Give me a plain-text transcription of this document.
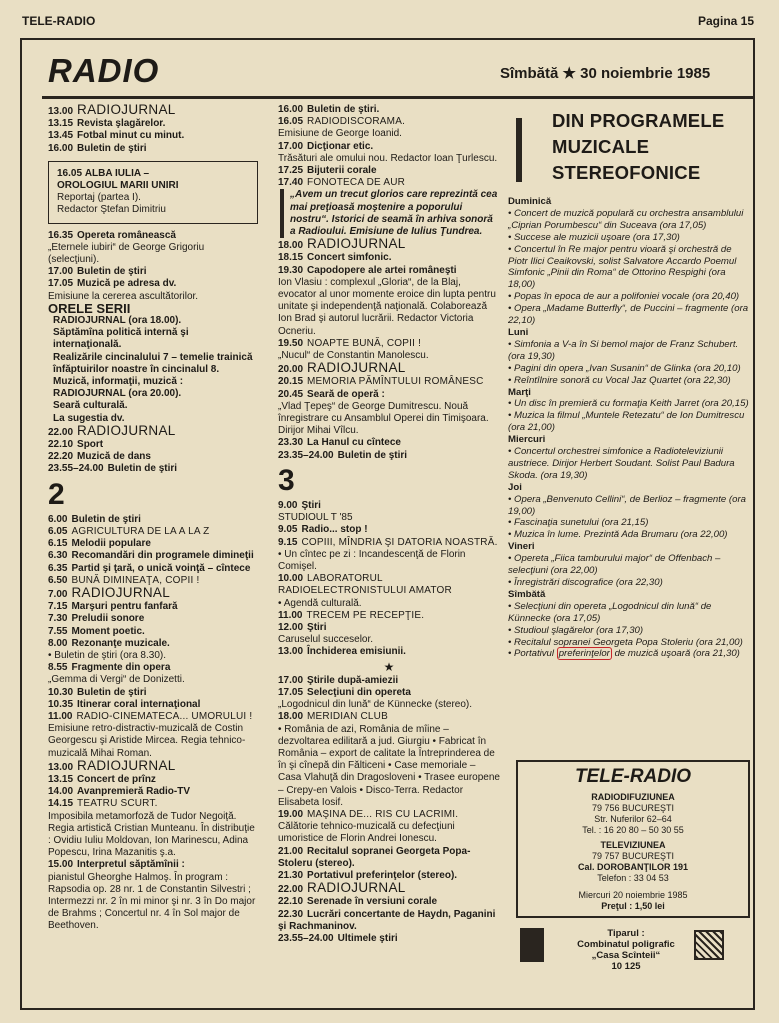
TELE-RADIO	Pagina 15
RADIO	Sîmbătă ★ 30 noiembrie 1985
13.00 RADIOJURNAL
13.15 Revista şlagărelor.
13.45 Fotbal minut cu minut.
16.00 Buletin de ştiri
16.05 ALBA IULIA –
OROLOGIUL MARII UNIRI
Reportaj (partea I).
Redactor Ştefan Dimitriu
16.35 Opereta românească
„Eternele iubiri“ de George Grigoriu (selecţiuni).
17.00 Buletin de ştiri
17.05 Muzică pe adresa dv.
Emisiune la cererea ascultătorilor.
ORELE SERII
RADIOJURNAL (ora 18.00).
Săptămîna politică internă şi internaţională.
Realizările cincinalului 7 – temelie trainică înfăptuirilor noastre în cincinalul 8.
Muzică, informaţii, muzică :
RADIOJURNAL (ora 20.00).
Seară culturală.
La sugestia dv.
22.00 RADIOJURNAL
22.10 Sport
22.20 Muzică de dans
23.55–24.00 Buletin de ştiri
2
6.00 Buletin de ştiri
6.05 AGRICULTURA DE LA A LA Z
6.15 Melodii populare
6.30 Recomandări din programele dimineţii
6.35 Partid şi ţară, o unică voinţă – cîntece
6.50 BUNĂ DIMINEAŢA, COPII !
7.00 RADIOJURNAL
7.15 Marşuri pentru fanfară
7.30 Preludii sonore
7.55 Moment poetic.
8.00 Rezonanţe muzicale.
• Buletin de ştiri (ora 8.30).
8.55 Fragmente din opera
„Gemma di Vergi“ de Donizetti.
10.30 Buletin de ştiri
10.35 Itinerar coral internaţional
11.00 RADIO-CINEMATECA... UMORULUI !
Emisiune retro-distractiv-muzicală de Costin Georgescu şi Aristide Mircea. Regia tehnico-muzicală Mihai Roman.
13.00 RADIOJURNAL
13.15 Concert de prînz
14.00 Avanpremieră Radio-TV
14.15 TEATRU SCURT.
Imposibila metamorfoză de Tudor Negoiţă. Regia artistică Cristian Munteanu. În distribuţie : Ovidiu Iuliu Moldovan, Ion Marinescu, Adina Popescu, Irina Mazanitis ş.a.
15.00 Interpretul săptămînii :
pianistul Gheorghe Halmoş. În program : Rapsodia op. 28 nr. 1 de Constantin Silvestri ; Intermezzi nr. 2 în mi minor şi nr. 3 în Do major de Brahms ; Concertul nr. 4 în Sol major de Beethoven.
16.00 Buletin de ştiri.
16.05 RADIODISCORAMA.
Emisiune de George Ioanid.
17.00 Dicţionar etic.
Trăsături ale omului nou. Redactor Ioan Ţurlescu.
17.25 Bijuterii corale
17.40 FONOTECA DE AUR
„Avem un trecut glorios care reprezintă cea mai preţioasă moştenire a poporului nostru“. Istorici de seamă în arhiva sonoră a Radioului. Emisiune de Iulius Ţundrea.
18.00 RADIOJURNAL
18.15 Concert simfonic.
19.30 Capodopere ale artei româneşti
Ion Vlasiu : complexul „Gloria“, de la Blaj, evocator al unor momente eroice din lupta pentru unitate şi independenţă naţională. Colaborează Ion Brad şi autorul lucrării. Redactor Victoria Ocneriu.
19.50 NOAPTE BUNĂ, COPII !
„Nucul“ de Constantin Manolescu.
20.00 RADIOJURNAL
20.15 MEMORIA PĂMÎNTULUI ROMÂNESC
20.45 Seară de operă :
„Vlad Ţepeş“ de George Dumitrescu. Nouă înregistrare cu Ansamblul Operei din Timişoara. Dirijor Mihai Vîlcu.
23.30 La Hanul cu cîntece
23.35–24.00 Buletin de ştiri
3
9.00 Ştiri
STUDIOUL T '85
9.05 Radio... stop !
9.15 COPIII, MÎNDRIA ŞI DATORIA NOASTRĂ.
• Un cîntec pe zi : Incandescenţă de Florin Comişel.
10.00 LABORATORUL RADIOELECTRONISTULUI AMATOR
• Agendă culturală.
11.00 TRECEM PE RECEPŢIE.
12.00 Ştiri
Caruselul succeselor.
13.00 Închiderea emisiunii.
★
17.00 Ştirile după-amiezii
17.05 Selecţiuni din opereta
„Logodnicul din lună“ de Künnecke (stereo).
18.00 MERIDIAN CLUB
• România de azi, România de mîine – dezvoltarea edilitară a jud. Giurgiu • Fabricat în România – export de calitate la Întreprinderea de în şi cînepă din Fălticeni • Case memoriale – Casa Vlahuţă din Dragosloveni • Trasee europene – Crepy-en Valois • Disco-Terra. Redactor Elisabeta Iosif.
19.00 MAŞINA DE... RIS CU LACRIMI.
Călătorie tehnico-muzicală cu defecţiuni umoristice de Florin Andrei Ionescu.
21.00 Recitalul sopranei Georgeta Popa-Stoleru (stereo).
21.30 Portativul preferinţelor (stereo).
22.00 RADIOJURNAL
22.10 Serenade în versiuni corale
22.30 Lucrări concertante de Haydn, Paganini şi Rachmaninov.
23.55–24.00 Ultimele ştiri
DIN PROGRAMELE
MUZICALE
STEREOFONICE
Duminică
• Concert de muzică populară cu orchestra ansamblului „Ciprian Porumbescu“ din Suceava (ora 17,05)
• Succese ale muzicii uşoare (ora 17,30)
• Concertul în Re major pentru vioară şi orchestră de Piotr Ilici Ceaikovski, solist Salvatore Accardo Poemul Simfonic „Pinii din Roma“ de Ottorino Respighi (ora 18,00)
• Popas în epoca de aur a polifoniei vocale (ora 20,40)
• Opera „Madame Butterfly“, de Puccini – fragmente (ora 22,10)
Luni
• Simfonia a V-a în Si bemol major de Franz Schubert. (ora 19,30)
• Pagini din opera „Ivan Susanin“ de Glinka (ora 20,10)
• Reîntîlnire sonoră cu Vocal Jaz Quartet (ora 22,30)
Marţi
• Un disc în premieră cu formaţia Keith Jarret (ora 20,15)
• Muzica la filmul „Muntele Retezatu“ de Ion Dumitrescu (ora 21,00)
Miercuri
• Concertul orchestrei simfonice a Radioteleviziunii austriece. Dirijor Herbert Soudant. Solist Paul Badura Skoda. (ora 19,30)
Joi
• Opera „Benvenuto Cellini“, de Berlioz – fragmente (ora 19,00)
• Fascinaţia sunetului (ora 21,15)
• Muzica în lume. Prezintă Ada Brumaru (ora 22,00)
Vineri
• Opereta „Fiica tamburului major“ de Offenbach – selecţiuni (ora 22,00)
• Înregistrări discografice (ora 22,30)
Sîmbătă
• Selecţiuni din opereta „Logodnicul din lună“ de Künnecke (ora 17,05)
• Studioul şlagărelor (ora 17,30)
• Recitalul sopranei Georgeta Popa Stoleriu (ora 21,00)
• Portativul preferinţelor de muzică uşoară (ora 21,30)
TELE-RADIO
RADIODIFUZIUNEA
79 756 BUCUREŞTI
Str. Nuferilor 62–64
Tel. : 16 20 80 – 50 30 55
TELEVIZIUNEA
79 757 BUCUREŞTI
Cal. DOROBANŢILOR 191
Telefon : 33 04 53
Miercuri 20 noiembrie 1985
Preţul : 1,50 lei
Tiparul :
Combinatul poligrafic
„Casa Scînteii“
10 125
